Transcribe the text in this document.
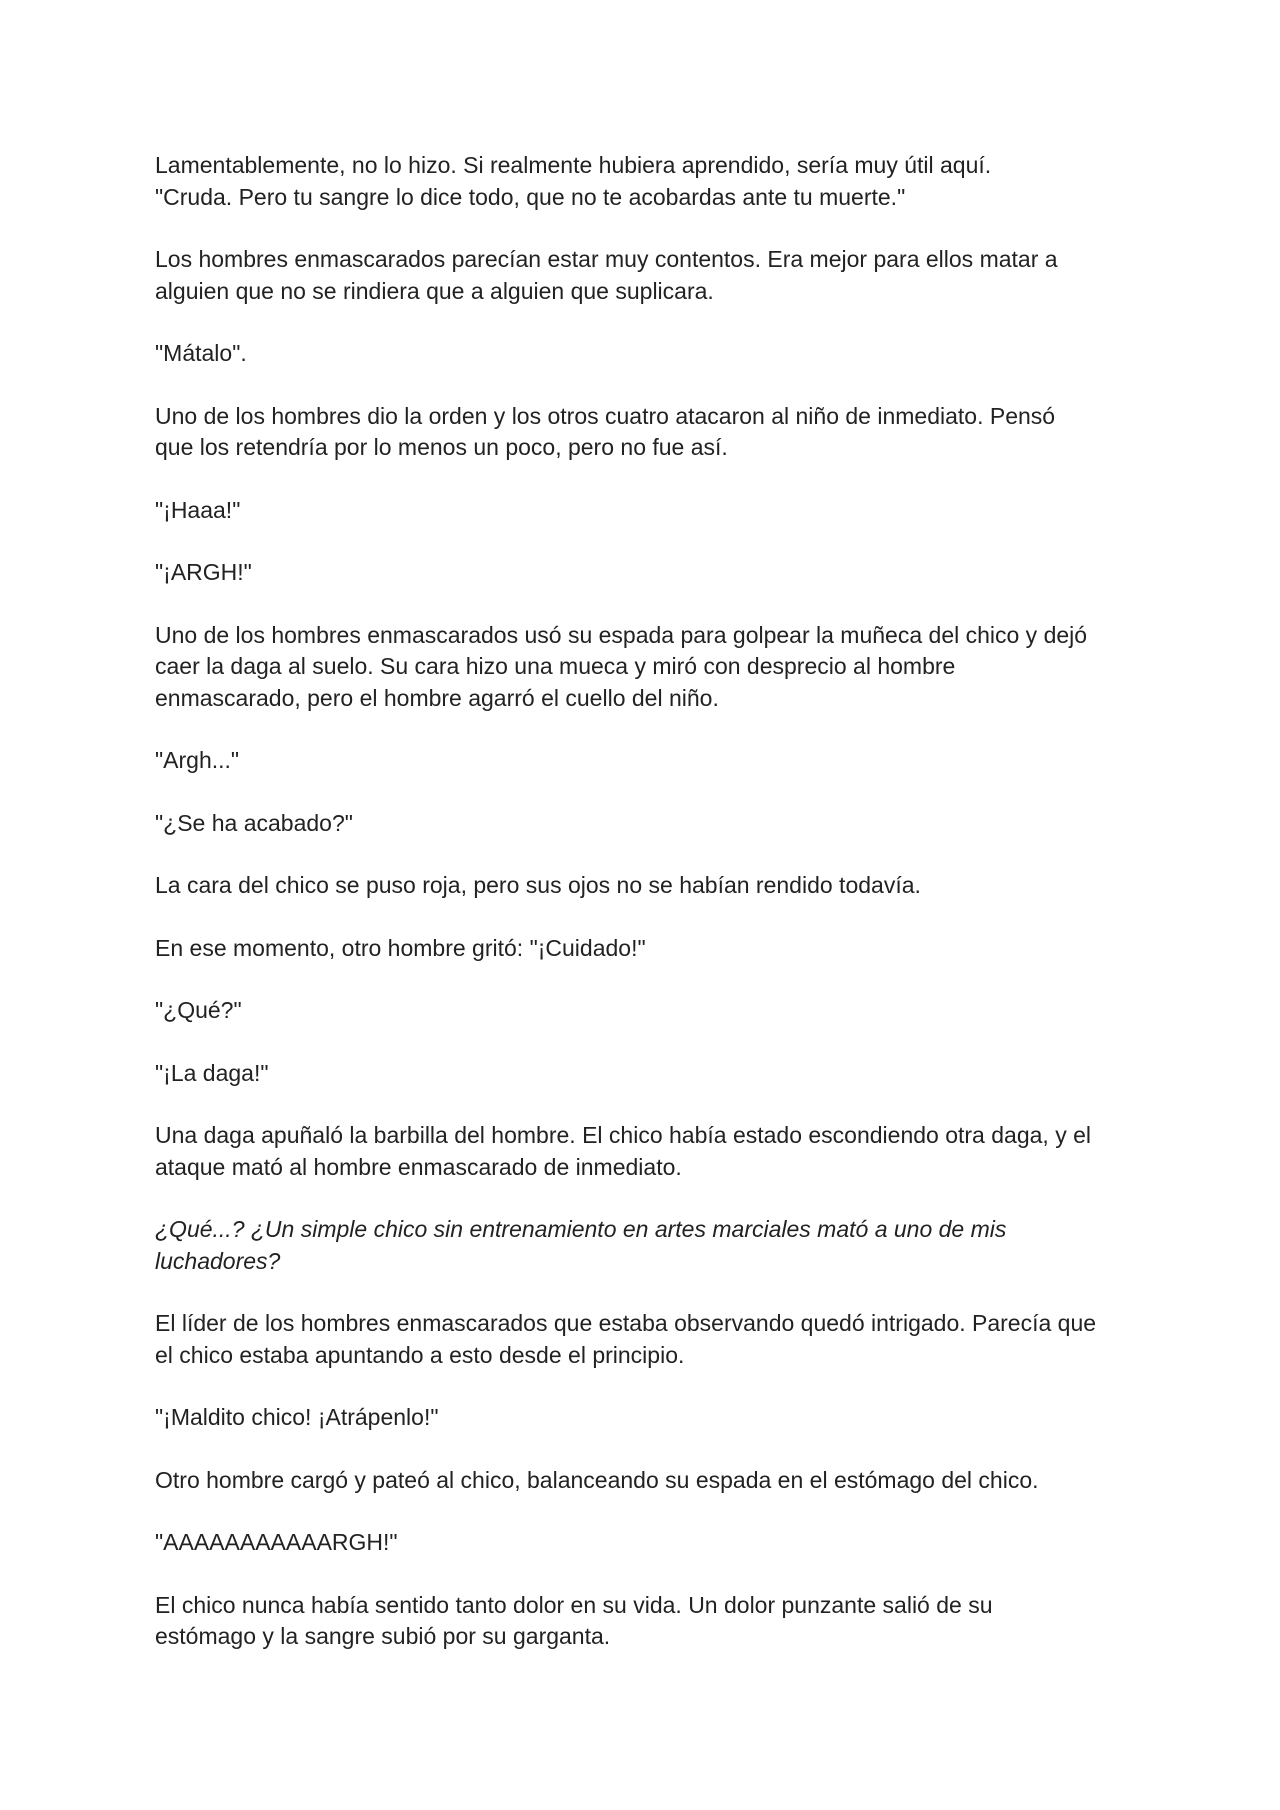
Lamentablemente, no lo hizo. Si realmente hubiera aprendido, sería muy útil aquí.
"Cruda. Pero tu sangre lo dice todo, que no te acobardas ante tu muerte."

Los hombres enmascarados parecían estar muy contentos. Era mejor para ellos matar a
alguien que no se rindiera que a alguien que suplicara.

"Mátalo".

Uno de los hombres dio la orden y los otros cuatro atacaron al niño de inmediato. Pensó
que los retendría por lo menos un poco, pero no fue así.

"¡Haaa!"

"¡ARGH!"

Uno de los hombres enmascarados usó su espada para golpear la muñeca del chico y dejó
caer la daga al suelo. Su cara hizo una mueca y miró con desprecio al hombre
enmascarado, pero el hombre agarró el cuello del niño.

"Argh..."

"¿Se ha acabado?"

La cara del chico se puso roja, pero sus ojos no se habían rendido todavía.

En ese momento, otro hombre gritó: "¡Cuidado!"

"¿Qué?"

"¡La daga!"

Una daga apuñaló la barbilla del hombre. El chico había estado escondiendo otra daga, y el
ataque mató al hombre enmascarado de inmediato.

¿Qué...? ¿Un simple chico sin entrenamiento en artes marciales mató a uno de mis
luchadores?

El líder de los hombres enmascarados que estaba observando quedó intrigado. Parecía que
el chico estaba apuntando a esto desde el principio.

"¡Maldito chico! ¡Atrápenlo!"

Otro hombre cargó y pateó al chico, balanceando su espada en el estómago del chico.

"AAAAAAAAAAARGH!"

El chico nunca había sentido tanto dolor en su vida. Un dolor punzante salió de su
estómago y la sangre subió por su garganta.
